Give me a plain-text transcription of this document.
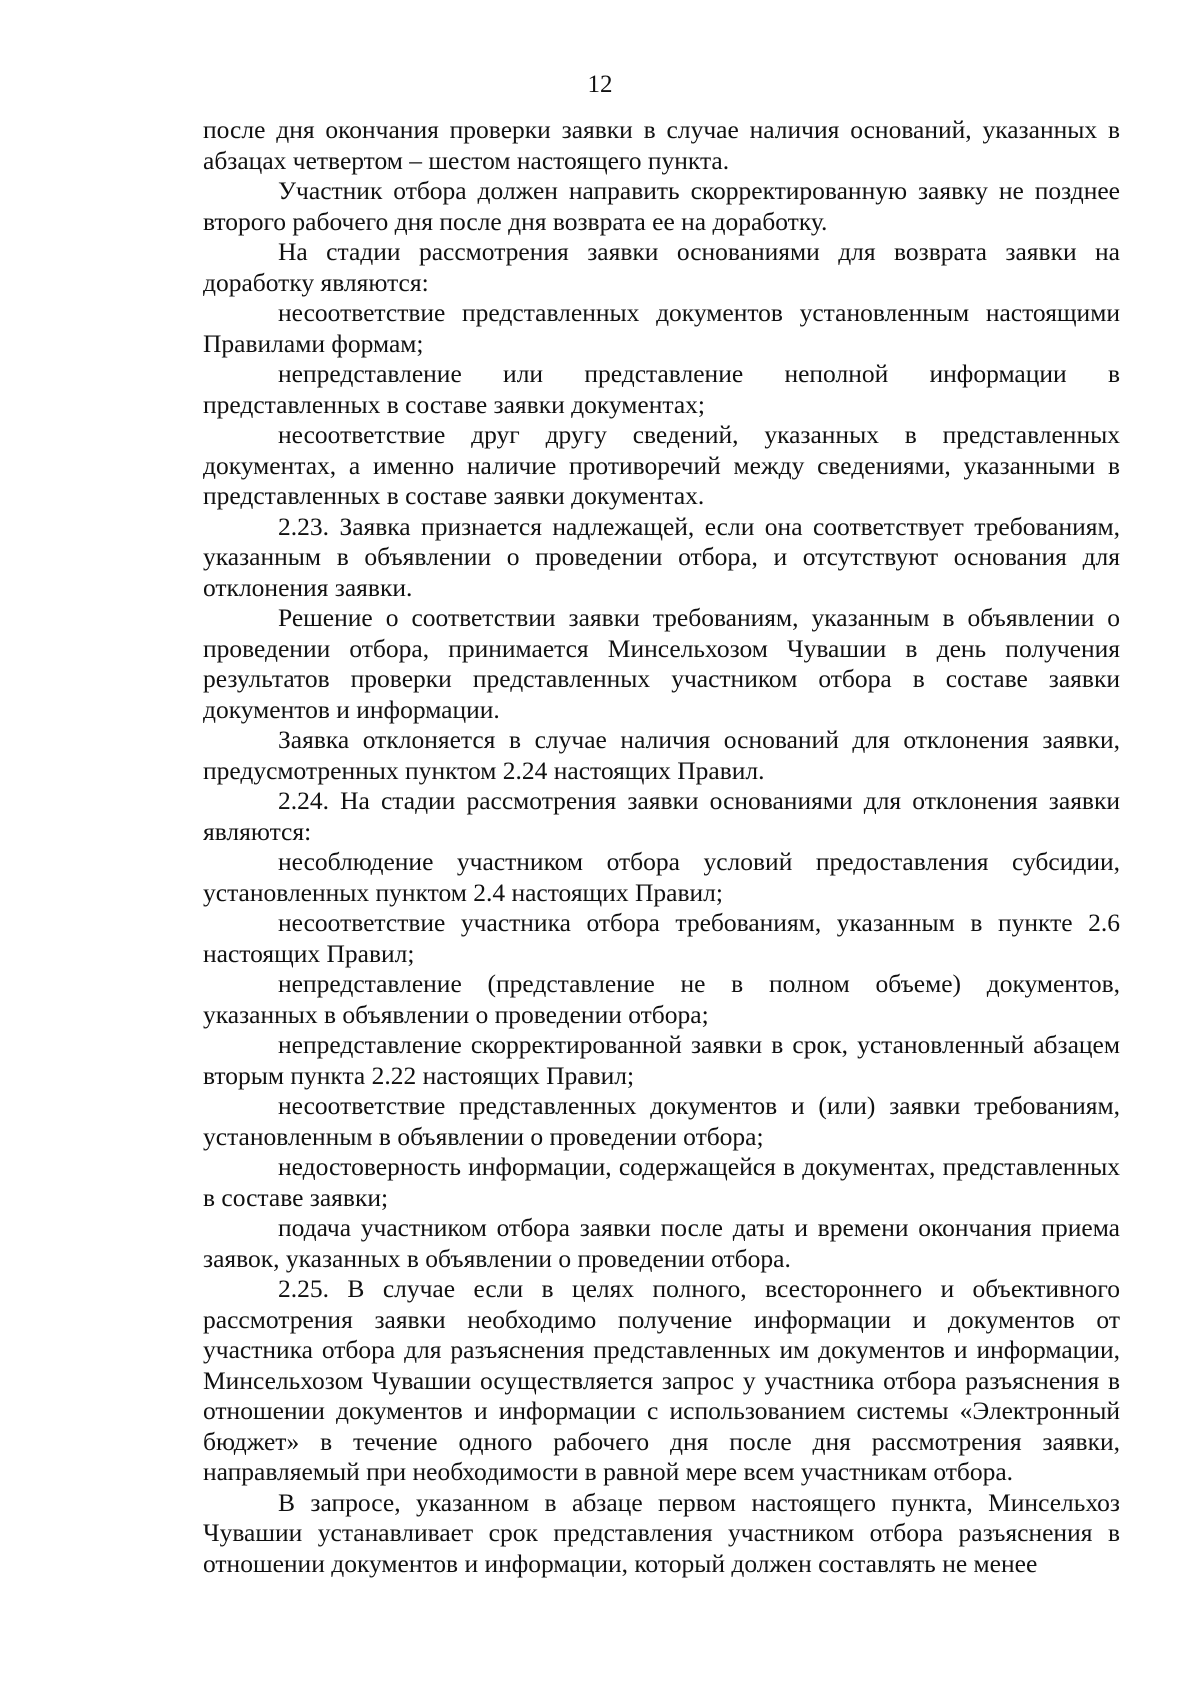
12

после дня окончания проверки заявки в случае наличия оснований, указанных в абзацах четвертом – шестом настоящего пункта.

Участник отбора должен направить скорректированную заявку не позднее второго рабочего дня после дня возврата ее на доработку.

На стадии рассмотрения заявки основаниями для возврата заявки на доработку являются:

несоответствие представленных документов установленным настоящими Правилами формам;

непредставление или представление неполной информации в представленных в составе заявки документах;

несоответствие друг другу сведений, указанных в представленных документах, а именно наличие противоречий между сведениями, указанными в представленных в составе заявки документах.

2.23. Заявка признается надлежащей, если она соответствует требованиям, указанным в объявлении о проведении отбора, и отсутствуют основания для отклонения заявки.

Решение о соответствии заявки требованиям, указанным в объявлении о проведении отбора, принимается Минсельхозом Чувашии в день получения результатов проверки представленных участником отбора в составе заявки документов и информации.

Заявка отклоняется в случае наличия оснований для отклонения заявки, предусмотренных пунктом 2.24 настоящих Правил.

2.24. На стадии рассмотрения заявки основаниями для отклонения заявки являются:

несоблюдение участником отбора условий предоставления субсидии, установленных пунктом 2.4 настоящих Правил;

несоответствие участника отбора требованиям, указанным в пункте 2.6 настоящих Правил;

непредставление (представление не в полном объеме) документов, указанных в объявлении о проведении отбора;

непредставление скорректированной заявки в срок, установленный абзацем вторым пункта 2.22 настоящих Правил;

несоответствие представленных документов и (или) заявки требованиям, установленным в объявлении о проведении отбора;

недостоверность информации, содержащейся в документах, представленных в составе заявки;

подача участником отбора заявки после даты и времени окончания приема заявок, указанных в объявлении о проведении отбора.

2.25. В случае если в целях полного, всестороннего и объективного рассмотрения заявки необходимо получение информации и документов от участника отбора для разъяснения представленных им документов и информации, Минсельхозом Чувашии осуществляется запрос у участника отбора разъяснения в отношении документов и информации с использованием системы «Электронный бюджет» в течение одного рабочего дня после дня рассмотрения заявки, направляемый при необходимости в равной мере всем участникам отбора.

В запросе, указанном в абзаце первом настоящего пункта, Минсельхоз Чувашии устанавливает срок представления участником отбора разъяснения в отношении документов и информации, который должен составлять не менее
